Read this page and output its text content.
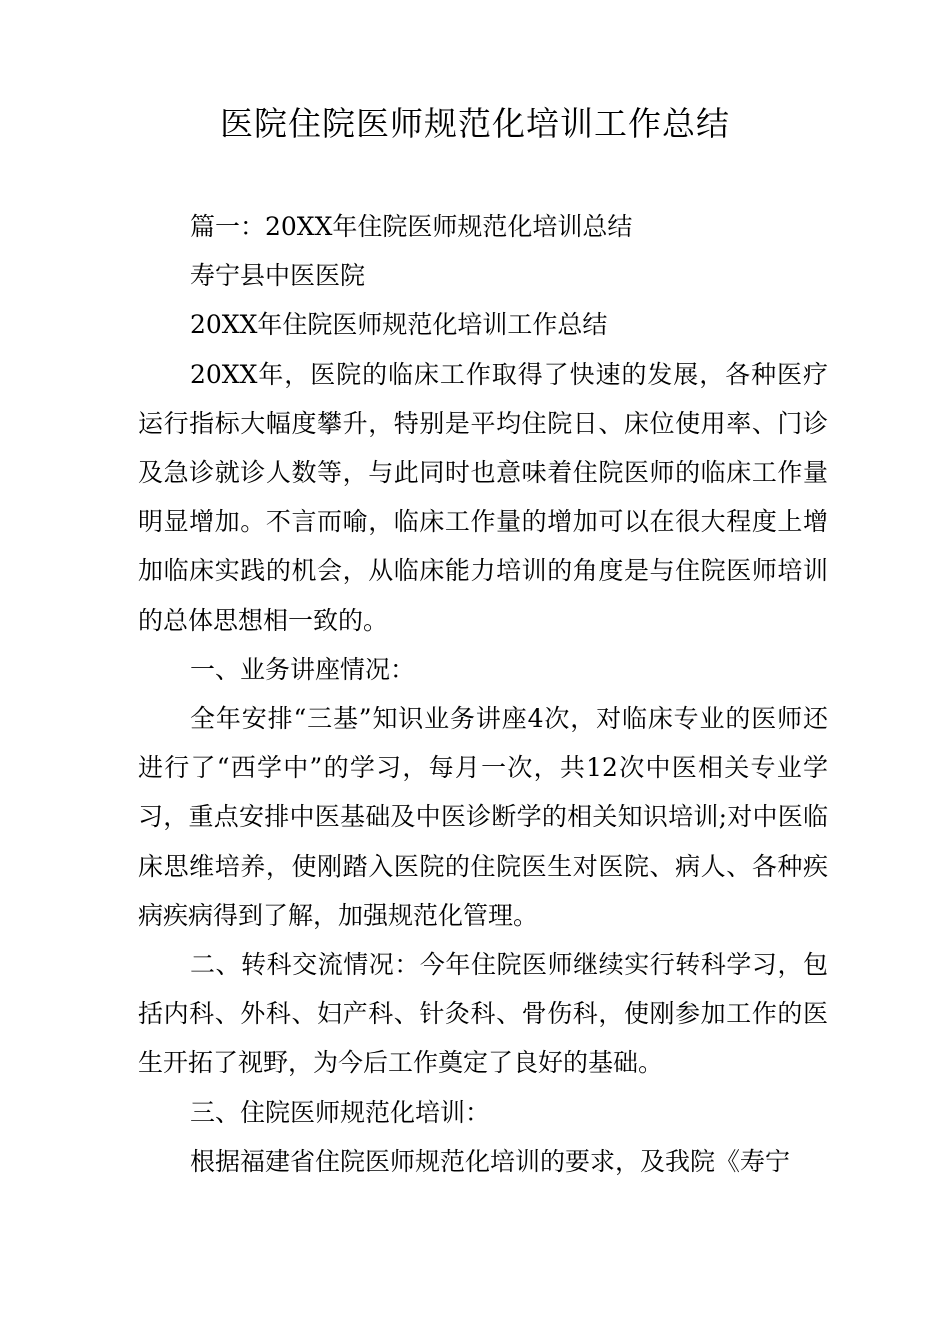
医院住院医师规范化培训工作总结

篇一：20XX年住院医师规范化培训总结

寿宁县中医医院

20XX年住院医师规范化培训工作总结

20XX年，医院的临床工作取得了快速的发展，各种医疗运行指标大幅度攀升，特别是平均住院日、床位使用率、门诊及急诊就诊人数等，与此同时也意味着住院医师的临床工作量明显增加。不言而喻，临床工作量的增加可以在很大程度上增加临床实践的机会，从临床能力培训的角度是与住院医师培训的总体思想相一致的。

一、业务讲座情况：

全年安排“三基”知识业务讲座4次，对临床专业的医师还进行了“西学中”的学习，每月一次，共12次中医相关专业学习，重点安排中医基础及中医诊断学的相关知识培训;对中医临床思维培养，使刚踏入医院的住院医生对医院、病人、各种疾病疾病得到了解，加强规范化管理。

二、转科交流情况：今年住院医师继续实行转科学习，包括内科、外科、妇产科、针灸科、骨伤科，使刚参加工作的医生开拓了视野，为今后工作奠定了良好的基础。

三、住院医师规范化培训：

根据福建省住院医师规范化培训的要求，及我院《寿宁
